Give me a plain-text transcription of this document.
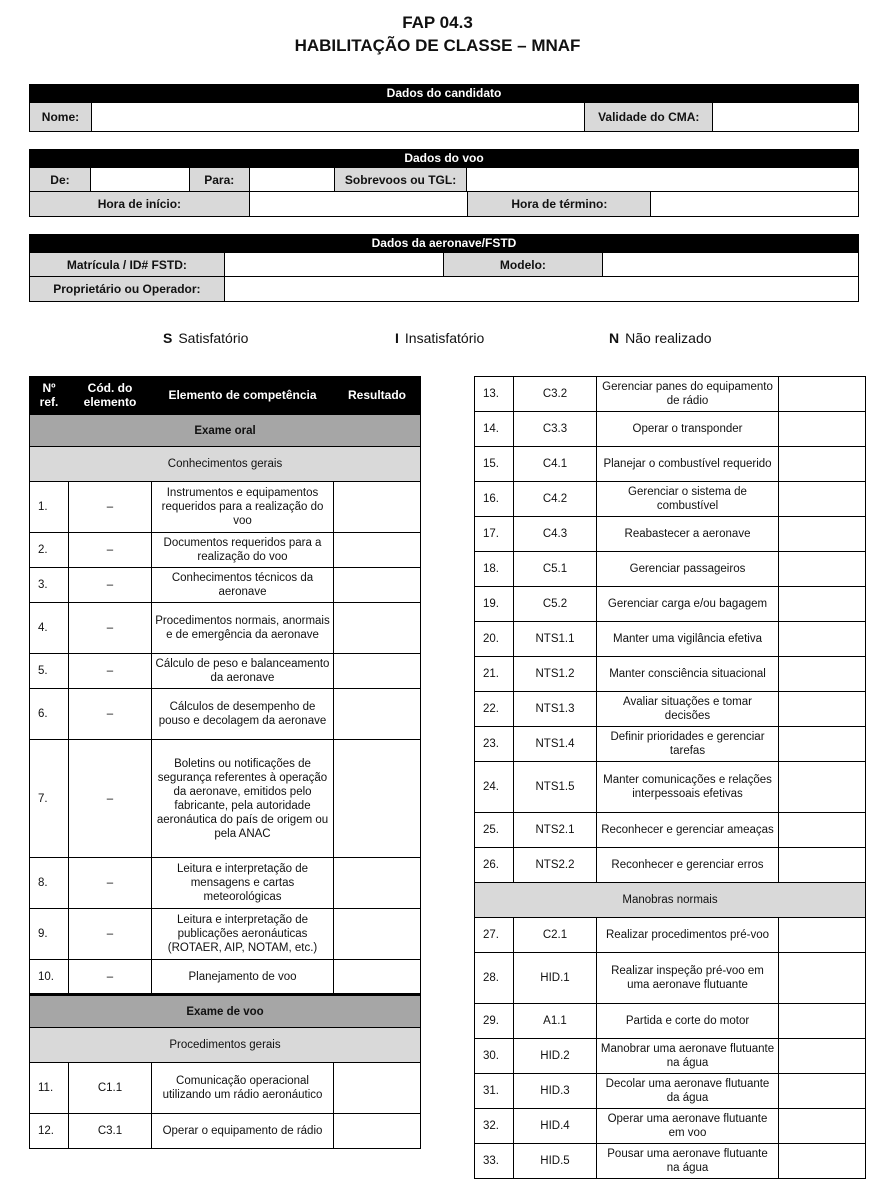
FAP 04.3
HABILITAÇÃO DE CLASSE – MNAF
Dados do candidato
Nome:	Validade do CMA:
Dados do voo
De:	Para:	Sobrevoos ou TGL:
Hora de início:	Hora de término:
Dados da aeronave/FSTD
Matrícula / ID# FSTD:	Modelo:
Proprietário ou Operador:
S Satisfatório	I Insatisfatório	N Não realizado
Nº ref.	Cód. do elemento	Elemento de competência	Resultado
Exame oral			
Conhecimentos gerais			
1.	–	Instrumentos e equipamentos requeridos para a realização do voo	
2.	–	Documentos requeridos para a realização do voo	
3.	–	Conhecimentos técnicos da aeronave	
4.	–	Procedimentos normais, anormais e de emergência da aeronave	
5.	–	Cálculo de peso e balanceamento da aeronave	
6.	–	Cálculos de desempenho de pouso e decolagem da aeronave	
7.	–	Boletins ou notificações de segurança referentes à operação da aeronave, emitidos pelo fabricante, pela autoridade aeronáutica do país de origem ou pela ANAC	
8.	–	Leitura e interpretação de mensagens e cartas meteorológicas	
9.	–	Leitura e interpretação de publicações aeronáuticas (ROTAER, AIP, NOTAM, etc.)	
10.	–	Planejamento de voo	
Exame de voo			
Procedimentos gerais			
11.	C1.1	Comunicação operacional utilizando um rádio aeronáutico	
12.	C3.1	Operar o equipamento de rádio	
13.	C3.2	Gerenciar panes do equipamento de rádio	
14.	C3.3	Operar o transponder	
15.	C4.1	Planejar o combustível requerido	
16.	C4.2	Gerenciar o sistema de combustível	
17.	C4.3	Reabastecer a aeronave	
18.	C5.1	Gerenciar passageiros	
19.	C5.2	Gerenciar carga e/ou bagagem	
20.	NTS1.1	Manter uma vigilância efetiva	
21.	NTS1.2	Manter consciência situacional	
22.	NTS1.3	Avaliar situações e tomar decisões	
23.	NTS1.4	Definir prioridades e gerenciar tarefas	
24.	NTS1.5	Manter comunicações e relações interpessoais efetivas	
25.	NTS2.1	Reconhecer e gerenciar ameaças	
26.	NTS2.2	Reconhecer e gerenciar erros	
Manobras normais			
27.	C2.1	Realizar procedimentos pré-voo	
28.	HID.1	Realizar inspeção pré-voo em uma aeronave flutuante	
29.	A1.1	Partida e corte do motor	
30.	HID.2	Manobrar uma aeronave flutuante na água	
31.	HID.3	Decolar uma aeronave flutuante da água	
32.	HID.4	Operar uma aeronave flutuante em voo	
33.	HID.5	Pousar uma aeronave flutuante na água	
